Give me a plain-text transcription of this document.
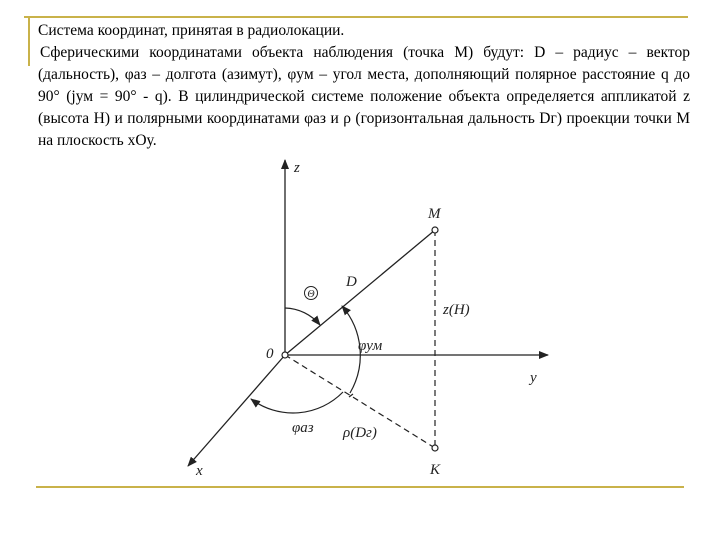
Система координат, принятая в радиолокации.

Сферическими координатами объекта наблюдения (точка М) будут: D – радиус – вектор (дальность), φаз – долгота (азимут), φум – угол места, дополняющий полярное расстояние q до 90° (jум = 90° - q). В цилиндрической системе положение объекта определяется аппликатой z (высота H) и полярными координатами φаз и ρ (горизонтальная дальность Dг) проекции точки М на плоскость xОу.

z
y
x
0
M
K
D
Θ
z(H)
φум
φаз ρ(Dг)
